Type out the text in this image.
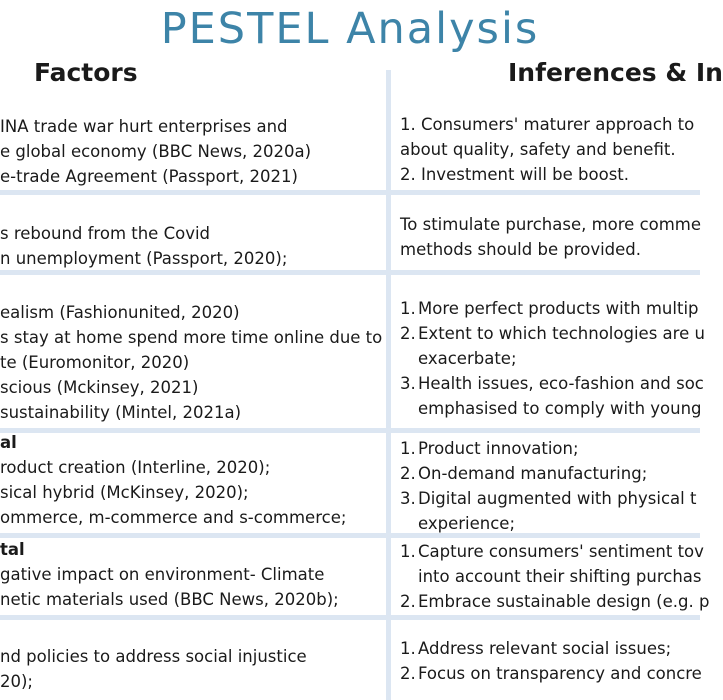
PESTEL Analysis
Factors	Inferences & In
INA trade war hurt enterprises and
e global economy (BBC News, 2020a)
e-trade Agreement (Passport, 2021)
1. Consumers' maturer approach to
about quality, safety and benefit.
2. Investment will be boost.
s rebound from the Covid
n unemployment (Passport, 2020);
To stimulate purchase, more comme
methods should be provided.
ealism (Fashionunited, 2020)
s stay at home spend more time online due to
te (Euromonitor, 2020)
scious (Mckinsey, 2021)
sustainability (Mintel, 2021a)
1. More perfect products with multip
2. Extent to which technologies are u
exacerbate;
3. Health issues, eco-fashion and soc
emphasised to comply with young
al
roduct creation (Interline, 2020);
sical hybrid (McKinsey, 2020);
ommerce, m-commerce and s-commerce;
1. Product innovation;
2. On-demand manufacturing;
3. Digital augmented with physical t
experience;
tal
gative impact on environment- Climate
netic materials used (BBC News, 2020b);
1. Capture consumers' sentiment tov
into account their shifting purchas
2. Embrace sustainable design (e.g. p
nd policies to address social injustice
20);
1. Address relevant social issues;
2. Focus on transparency and concre
